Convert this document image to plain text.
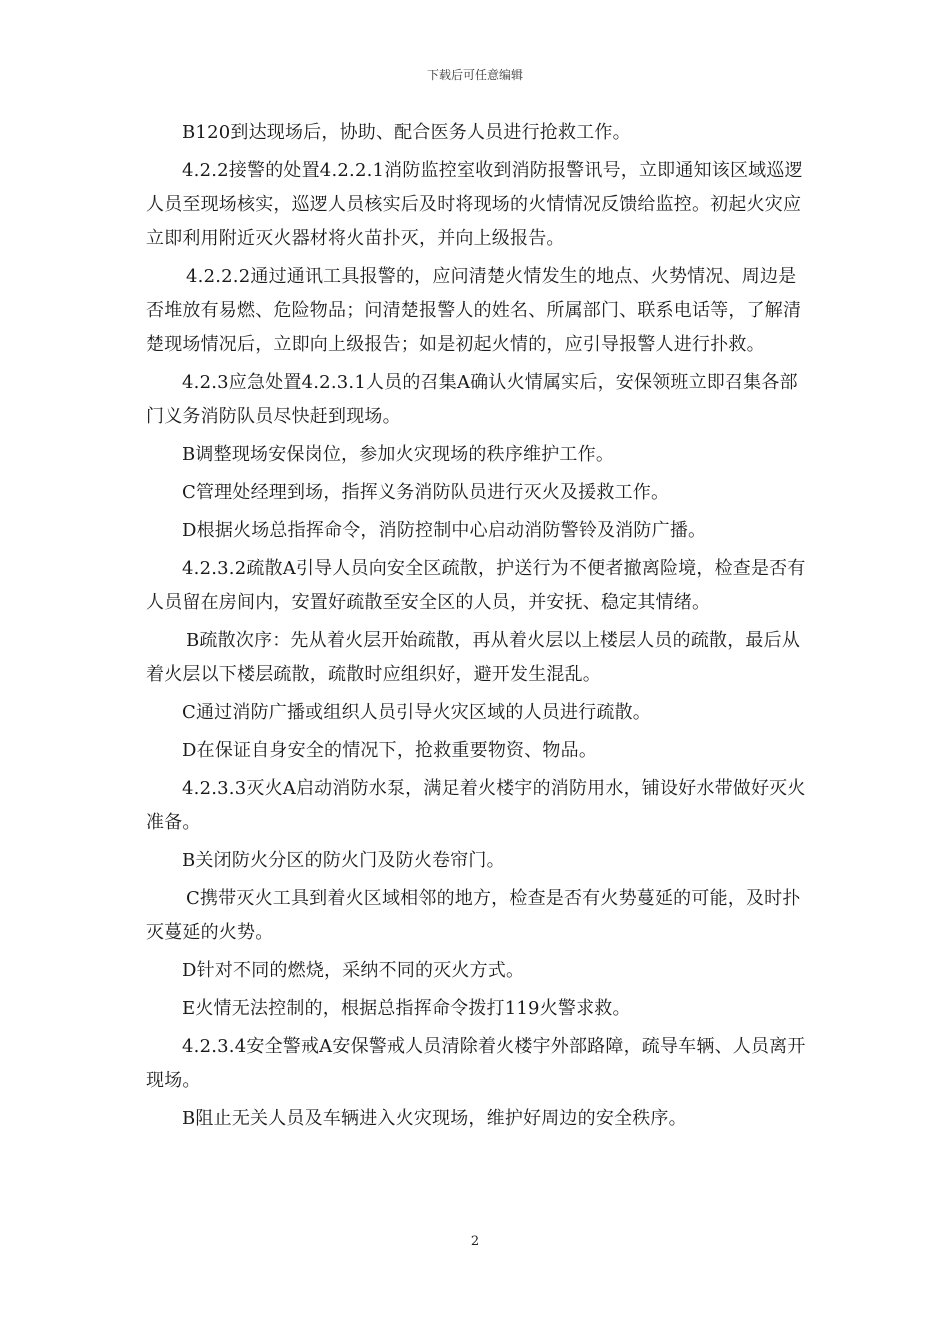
下载后可任意编辑

B120到达现场后，协助、配合医务人员进行抢救工作。

4.2.2接警的处置4.2.2.1消防监控室收到消防报警讯号，立即通知该区域巡逻人员至现场核实，巡逻人员核实后及时将现场的火情情况反馈给监控。初起火灾应立即利用附近灭火器材将火苗扑灭，并向上级报告。

4.2.2.2通过通讯工具报警的，应问清楚火情发生的地点、火势情况、周边是否堆放有易燃、危险物品；问清楚报警人的姓名、所属部门、联系电话等，了解清楚现场情况后，立即向上级报告；如是初起火情的，应引导报警人进行扑救。

4.2.3应急处置4.2.3.1人员的召集A确认火情属实后，安保领班立即召集各部门义务消防队员尽快赶到现场。

B调整现场安保岗位，参加火灾现场的秩序维护工作。

C管理处经理到场，指挥义务消防队员进行灭火及援救工作。

D根据火场总指挥命令，消防控制中心启动消防警铃及消防广播。

4.2.3.2疏散A引导人员向安全区疏散，护送行为不便者撤离险境，检查是否有人员留在房间内，安置好疏散至安全区的人员，并安抚、稳定其情绪。

B疏散次序：先从着火层开始疏散，再从着火层以上楼层人员的疏散，最后从着火层以下楼层疏散，疏散时应组织好，避开发生混乱。

C通过消防广播或组织人员引导火灾区域的人员进行疏散。

D在保证自身安全的情况下，抢救重要物资、物品。

4.2.3.3灭火A启动消防水泵，满足着火楼宇的消防用水，铺设好水带做好灭火准备。

B关闭防火分区的防火门及防火卷帘门。

C携带灭火工具到着火区域相邻的地方，检查是否有火势蔓延的可能，及时扑灭蔓延的火势。

D针对不同的燃烧，采纳不同的灭火方式。

E火情无法控制的，根据总指挥命令拨打119火警求救。

4.2.3.4安全警戒A安保警戒人员清除着火楼宇外部路障，疏导车辆、人员离开现场。

B阻止无关人员及车辆进入火灾现场，维护好周边的安全秩序。

2
